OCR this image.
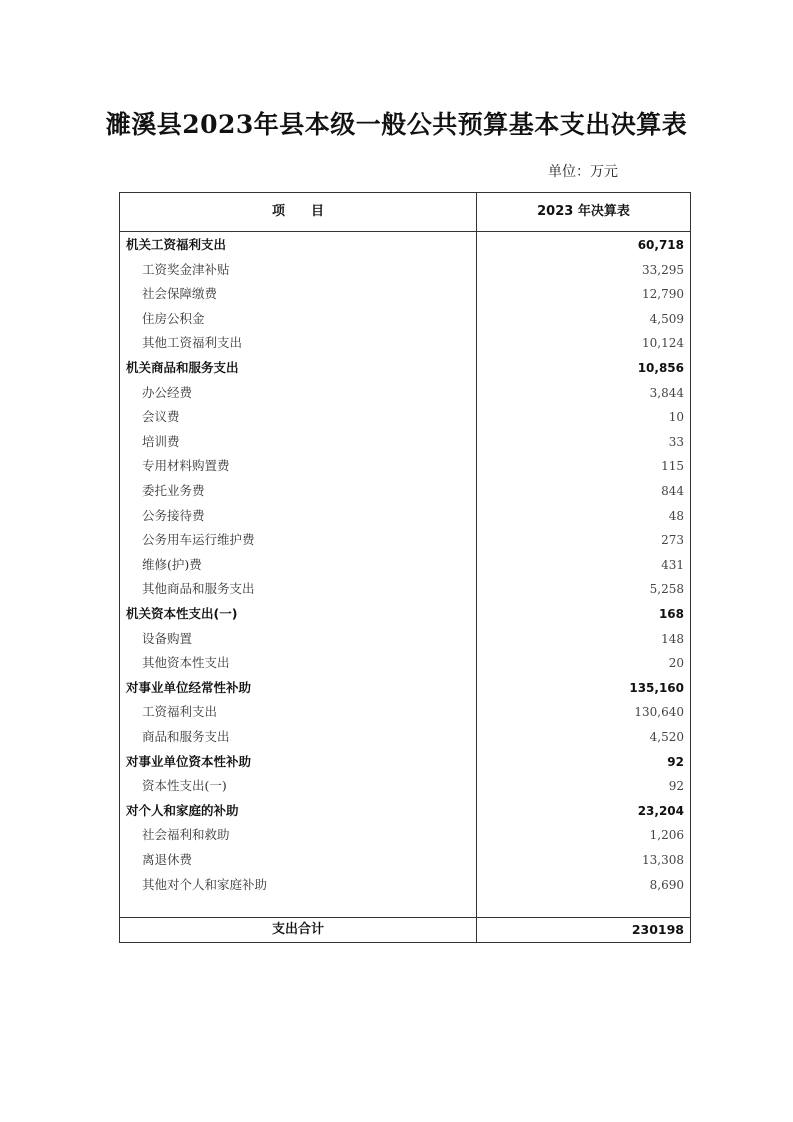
濉溪县2023年县本级一般公共预算基本支出决算表
单位：万元
项　　目	2023 年决算表
机关工资福利支出	60,718
工资奖金津补贴	33,295
社会保障缴费	12,790
住房公积金	4,509
其他工资福利支出	10,124
机关商品和服务支出	10,856
办公经费	3,844
会议费	10
培训费	33
专用材料购置费	115
委托业务费	844
公务接待费	48
公务用车运行维护费	273
维修(护)费	431
其他商品和服务支出	5,258
机关资本性支出(一)	168
设备购置	148
其他资本性支出	20
对事业单位经常性补助	135,160
工资福利支出	130,640
商品和服务支出	4,520
对事业单位资本性补助	92
资本性支出(一)	92
对个人和家庭的补助	23,204
社会福利和救助	1,206
离退休费	13,308
其他对个人和家庭补助	8,690
支出合计	230198
